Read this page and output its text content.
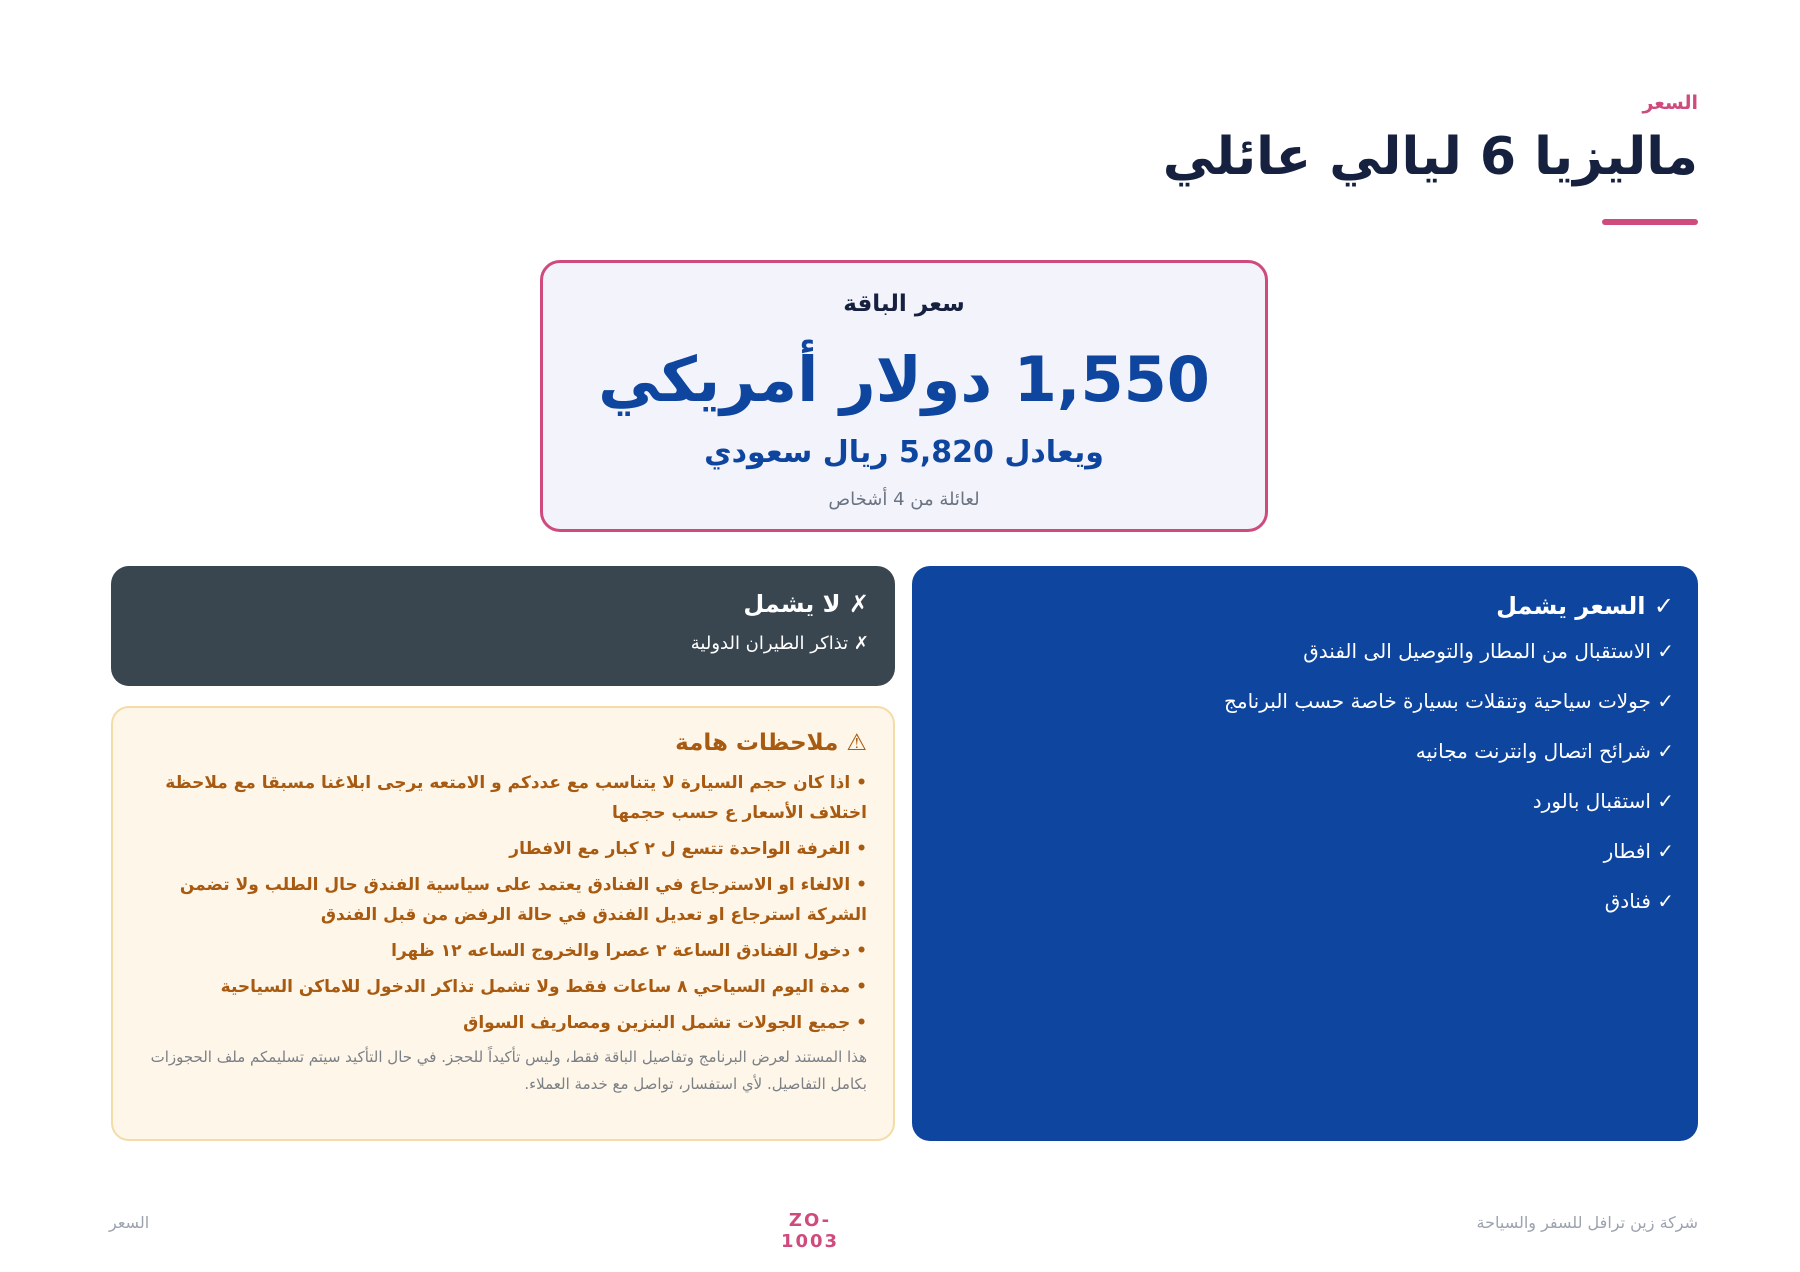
السعر
ماليزيا 6 ليالي عائلي
سعر الباقة
1,550 دولار أمريكي
ويعادل 5,820 ريال سعودي
لعائلة من 4 أشخاص
✓ السعر يشمل
✓ الاستقبال من المطار والتوصيل الى الفندق
✓ جولات سياحية وتنقلات بسيارة خاصة حسب البرنامج
✓ شرائح اتصال وانترنت مجانيه
✓ استقبال بالورد
✓ افطار
✓ فنادق
✗ لا يشمل
✗ تذاكر الطيران الدولية
⚠ ملاحظات هامة
• اذا كان حجم السيارة لا يتناسب مع عددكم و الامتعه يرجى ابلاغنا مسبقا مع ملاحظة اختلاف الأسعار ع حسب حجمها
• الغرفة الواحدة تتسع ل ٢ كبار مع الافطار
• الالغاء او الاسترجاع في الفنادق يعتمد على سياسية الفندق حال الطلب ولا تضمن الشركة استرجاع او تعديل الفندق في حالة الرفض من قبل الفندق
• دخول الفنادق الساعة ٢ عصرا والخروج الساعه ١٢ ظهرا
• مدة اليوم السياحي ٨ ساعات فقط ولا تشمل تذاكر الدخول للاماكن السياحية
• جميع الجولات تشمل البنزين ومصاريف السواق
هذا المستند لعرض البرنامج وتفاصيل الباقة فقط، وليس تأكيداً للحجز. في حال التأكيد سيتم تسليمكم ملف الحجوزات بكامل التفاصيل. لأي استفسار، تواصل مع خدمة العملاء.
شركة زين ترافل للسفر والسياحة
ZO-1003
السعر
